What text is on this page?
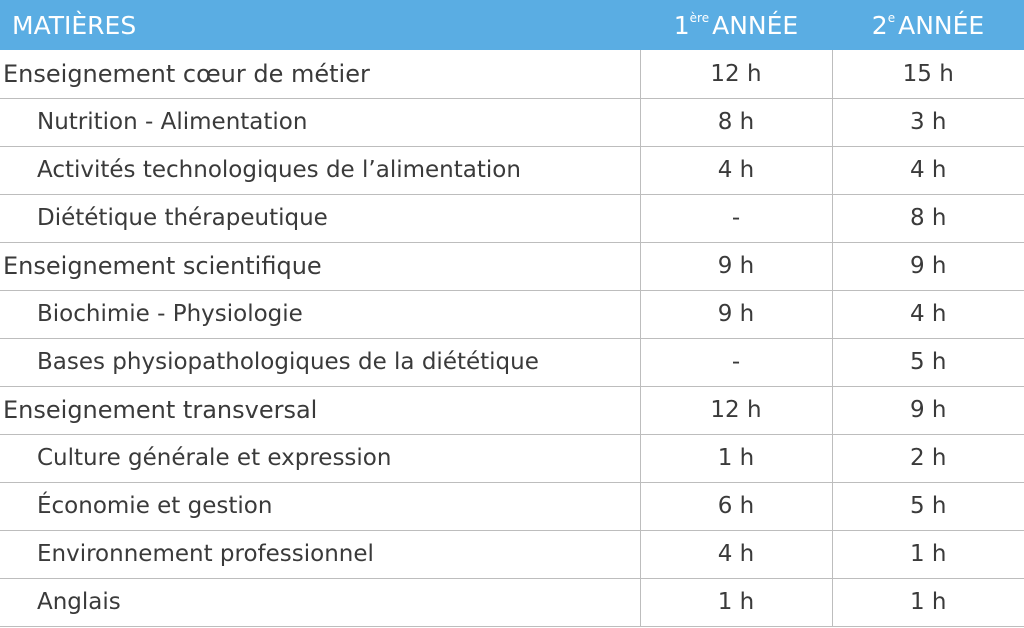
MATIÈRES	1ère ANNÉE	2e ANNÉE
Enseignement cœur de métier	12 h	15 h
Nutrition - Alimentation	8 h	3 h
Activités technologiques de l’alimentation	4 h	4 h
Diététique thérapeutique	-	8 h
Enseignement scientifique	9 h	9 h
Biochimie - Physiologie	9 h	4 h
Bases physiopathologiques de la diététique	-	5 h
Enseignement transversal	12 h	9 h
Culture générale et expression	1 h	2 h
Économie et gestion	6 h	5 h
Environnement professionnel	4 h	1 h
Anglais	1 h	1 h
